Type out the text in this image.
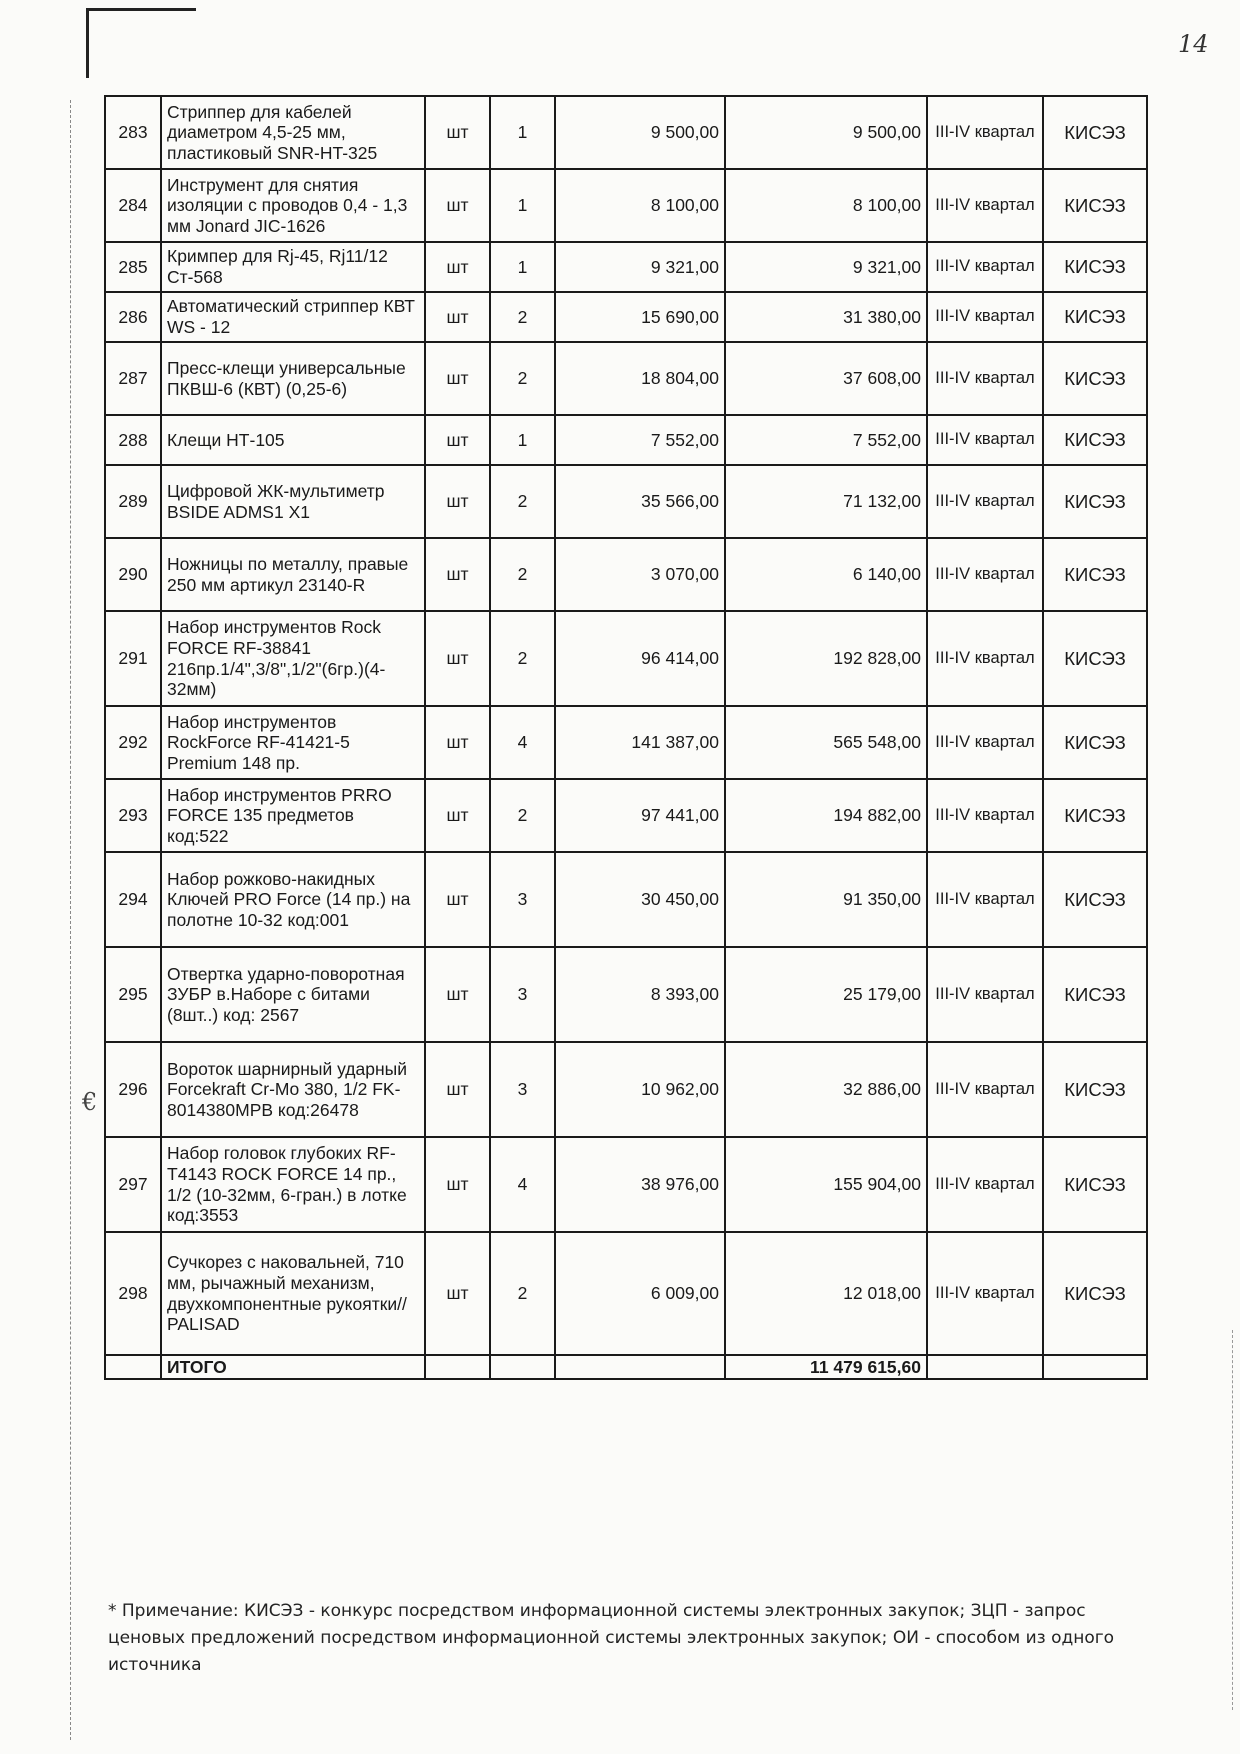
14
€
283	Стриппер для кабелей диаметром 4,5-25 мм, пластиковый SNR-HT-325	шт	1	9 500,00	9 500,00	III-IV квартал	КИСЭЗ
284	Инструмент для снятия изоляции с проводов 0,4 - 1,3 мм Jonard JIC-1626	шт	1	8 100,00	8 100,00	III-IV квартал	КИСЭЗ
285	Кримпер для Rj-45, Rj11/12 Ст-568	шт	1	9 321,00	9 321,00	III-IV квартал	КИСЭЗ
286	Автоматический стриппер КВТ WS - 12	шт	2	15 690,00	31 380,00	III-IV квартал	КИСЭЗ
287	Пресс-клещи универсальные ПКВШ-6 (КВТ) (0,25-6)	шт	2	18 804,00	37 608,00	III-IV квартал	КИСЭЗ
288	Клещи НТ-105	шт	1	7 552,00	7 552,00	III-IV квартал	КИСЭЗ
289	Цифровой ЖК-мультиметр BSIDE ADMS1 X1	шт	2	35 566,00	71 132,00	III-IV квартал	КИСЭЗ
290	Ножницы по металлу, правые 250 мм артикул 23140-R	шт	2	3 070,00	6 140,00	III-IV квартал	КИСЭЗ
291	Набор инструментов Rock FORCE RF-38841 216пр.1/4",3/8",1/2"(6гр.)(4-32мм)	шт	2	96 414,00	192 828,00	III-IV квартал	КИСЭЗ
292	Набор инструментов RockForce RF-41421-5 Premium 148 пр.	шт	4	141 387,00	565 548,00	III-IV квартал	КИСЭЗ
293	Набор инструментов PRRO FORCE 135 предметов код:522	шт	2	97 441,00	194 882,00	III-IV квартал	КИСЭЗ
294	Набор рожково-накидных Ключей PRO Force (14 пр.) на полотне 10-32 код:001	шт	3	30 450,00	91 350,00	III-IV квартал	КИСЭЗ
295	Отвертка ударно-поворотная ЗУБР в.Наборе с битами (8шт..) код: 2567	шт	3	8 393,00	25 179,00	III-IV квартал	КИСЭЗ
296	Вороток шарнирный ударный Forcekraft Cr-Mo 380, 1/2 FK-8014380MPB код:26478	шт	3	10 962,00	32 886,00	III-IV квартал	КИСЭЗ
297	Набор головок глубоких RF-T4143 ROCK FORCE 14 пр., 1/2 (10-32мм, 6-гран.) в лотке код:3553	шт	4	38 976,00	155 904,00	III-IV квартал	КИСЭЗ
298	Сучкорез с наковальней, 710 мм, рычажный механизм, двухкомпонентные рукоятки// PALISAD	шт	2	6 009,00	12 018,00	III-IV квартал	КИСЭЗ
	ИТОГО				11 479 615,60		
* Примечание: КИСЭЗ - конкурс посредством информационной системы электронных закупок; ЗЦП - запрос ценовых предложений посредством информационной системы электронных закупок; ОИ - способом из одного источника
